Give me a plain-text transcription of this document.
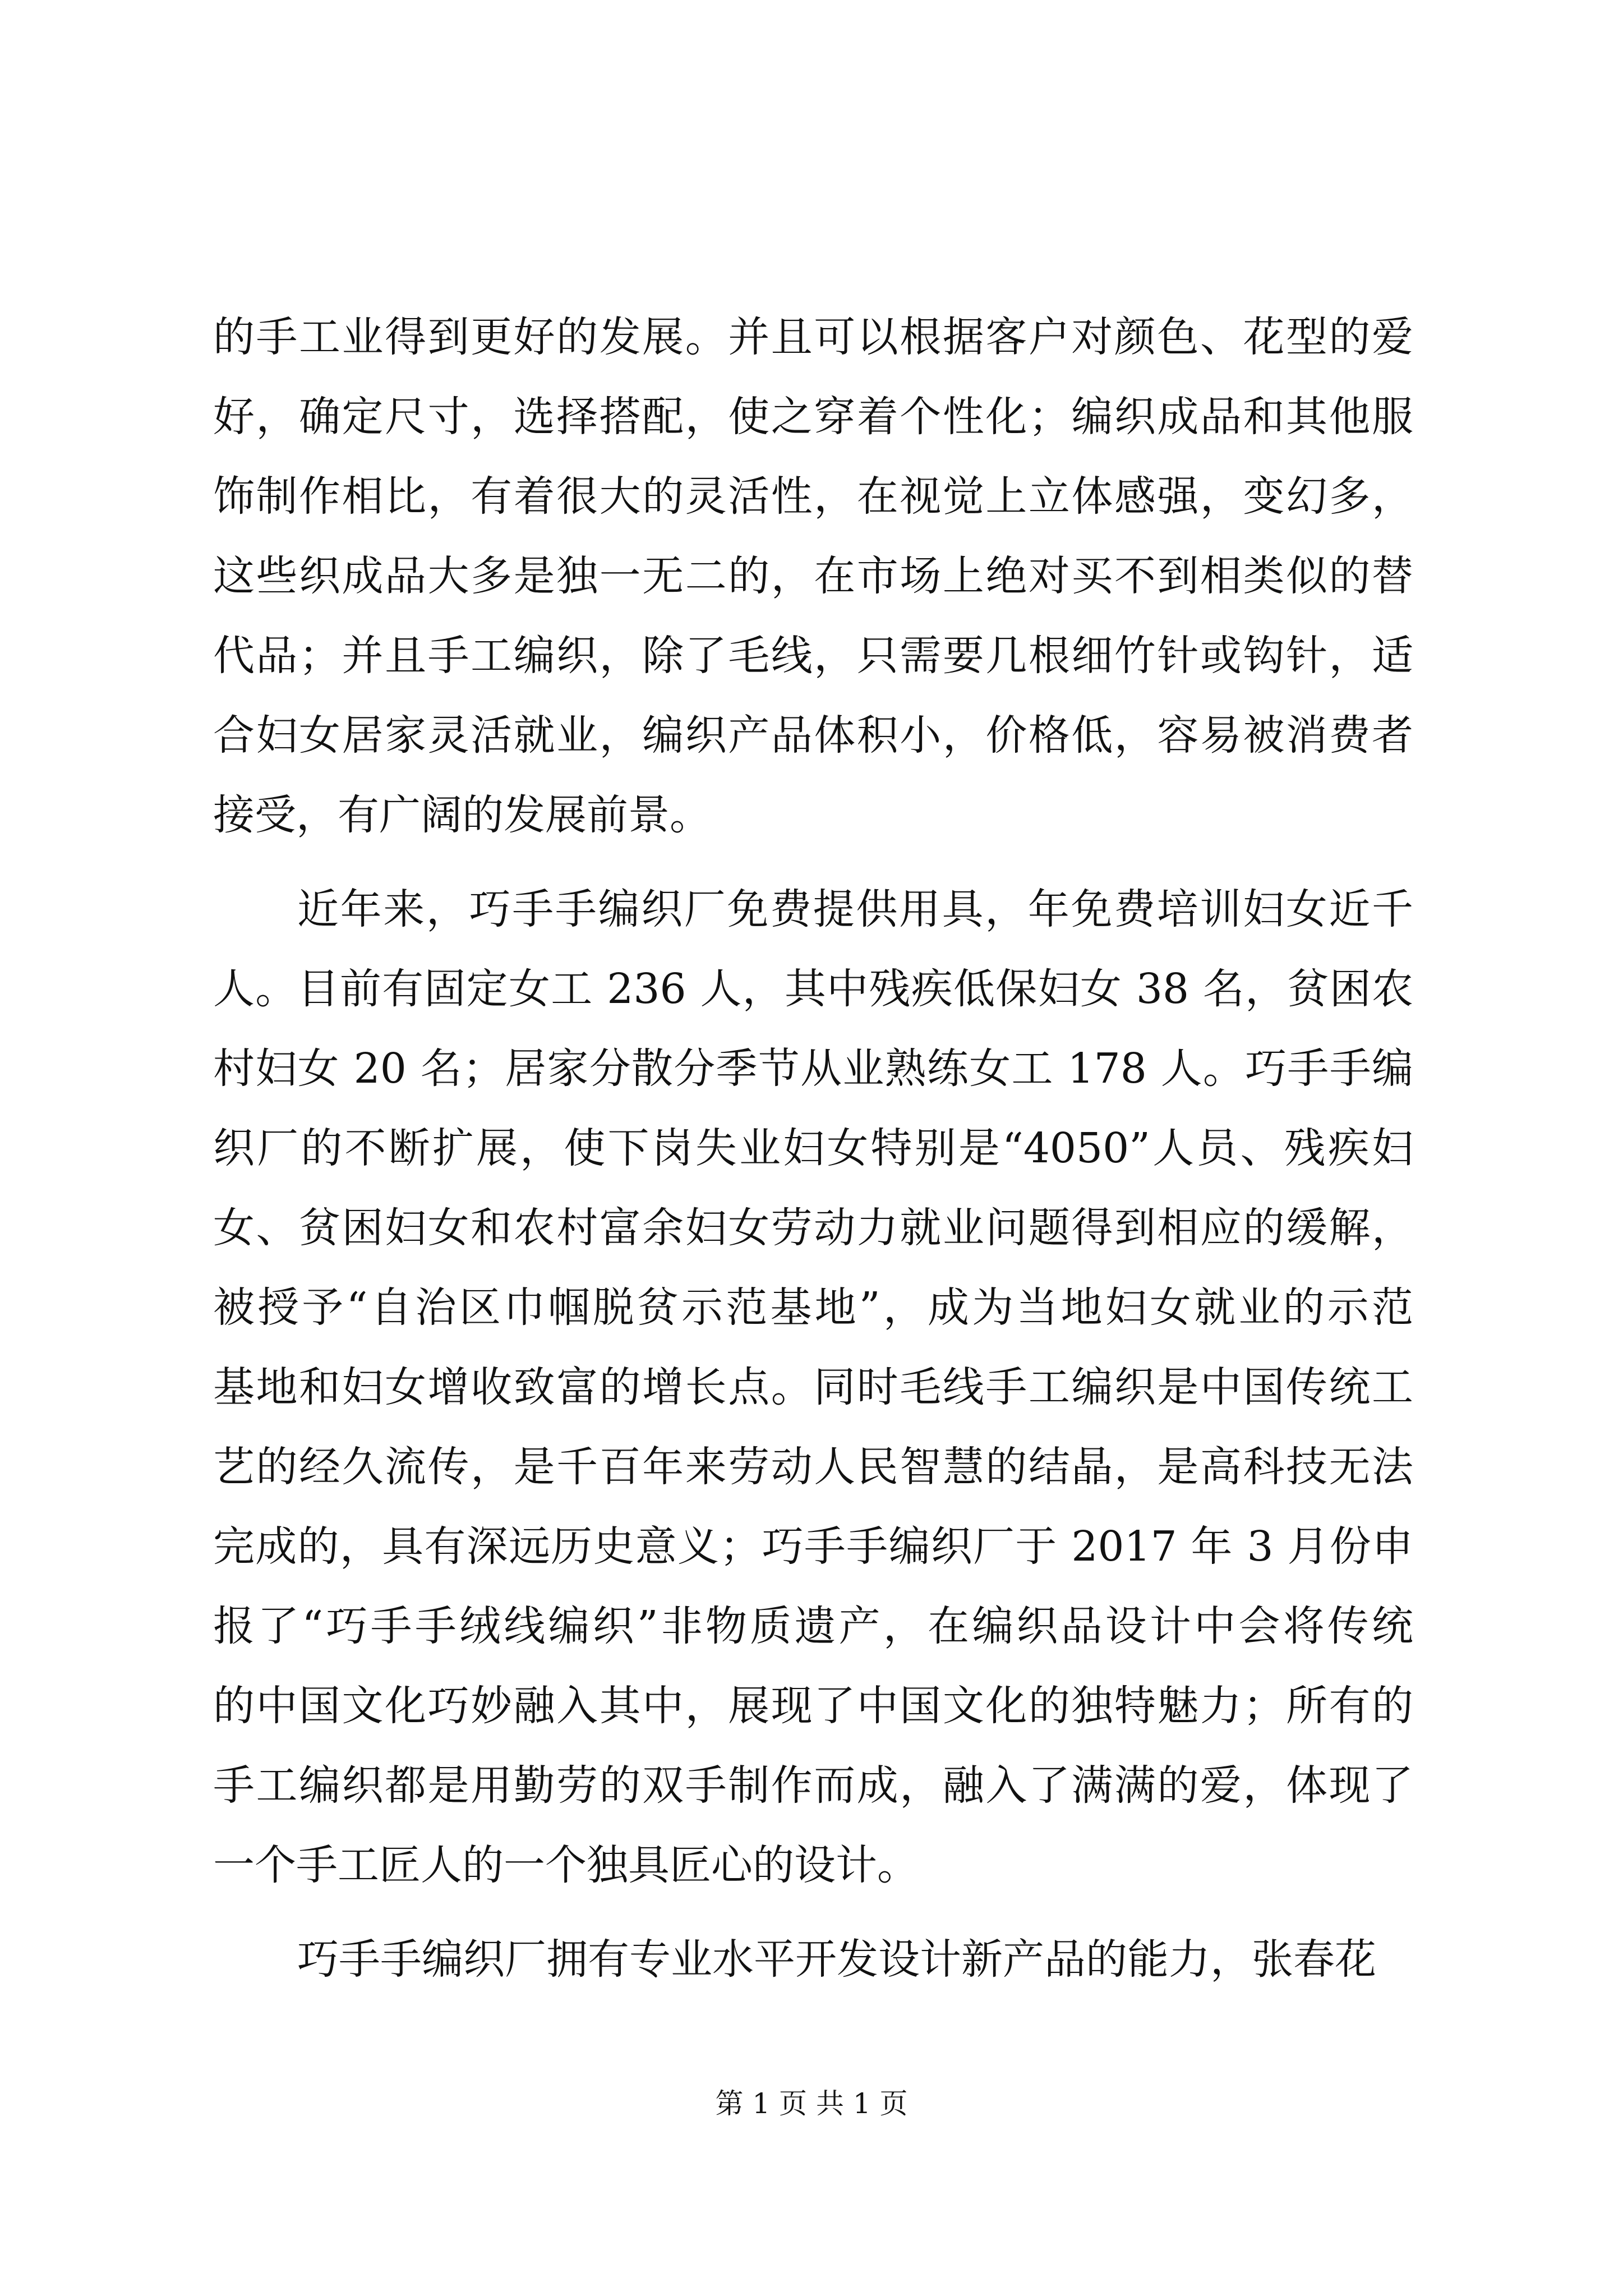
的手工业得到更好的发展。并且可以根据客户对颜色、花型的爱
好，确定尺寸，选择搭配，使之穿着个性化；编织成品和其他服
饰制作相比，有着很大的灵活性，在视觉上立体感强，变幻多，
这些织成品大多是独一无二的，在市场上绝对买不到相类似的替
代品；并且手工编织，除了毛线，只需要几根细竹针或钩针，适
合妇女居家灵活就业，编织产品体积小，价格低，容易被消费者
接受，有广阔的发展前景。
近年来，巧手手编织厂免费提供用具，年免费培训妇女近千
人。目前有固定女工 236 人，其中残疾低保妇女 38 名，贫困农
村妇女 20 名；居家分散分季节从业熟练女工 178 人。巧手手编
织厂的不断扩展，使下岗失业妇女特别是“4050”人员、残疾妇
女、贫困妇女和农村富余妇女劳动力就业问题得到相应的缓解，
被授予“自治区巾帼脱贫示范基地”，成为当地妇女就业的示范
基地和妇女增收致富的增长点。同时毛线手工编织是中国传统工
艺的经久流传，是千百年来劳动人民智慧的结晶，是高科技无法
完成的，具有深远历史意义；巧手手编织厂于 2017 年 3 月份申
报了“巧手手绒线编织”非物质遗产，在编织品设计中会将传统
的中国文化巧妙融入其中，展现了中国文化的独特魅力；所有的
手工编织都是用勤劳的双手制作而成，融入了满满的爱，体现了
一个手工匠人的一个独具匠心的设计。
巧手手编织厂拥有专业水平开发设计新产品的能力，张春花
第 1 页 共 1 页
